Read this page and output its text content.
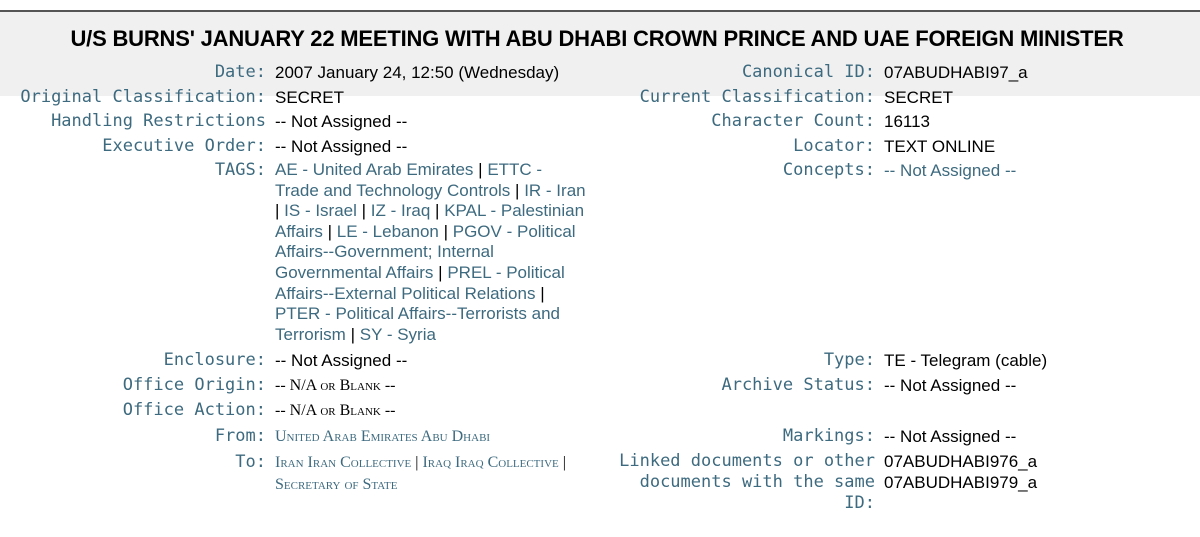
U/S BURNS' JANUARY 22 MEETING WITH ABU DHABI CROWN PRINCE AND UAE FOREIGN MINISTER
Date: 2007 January 24, 12:50 (Wednesday)
Original Classification: SECRET
Handling Restrictions -- Not Assigned --
Executive Order: -- Not Assigned --
TAGS: AE - United Arab Emirates | ETTC - Trade and Technology Controls | IR - Iran | IS - Israel | IZ - Iraq | KPAL - Palestinian Affairs | LE - Lebanon | PGOV - Political Affairs--Government; Internal Governmental Affairs | PREL - Political Affairs--External Political Relations | PTER - Political Affairs--Terrorists and Terrorism | SY - Syria
Enclosure: -- Not Assigned --
Office Origin: -- N/A or Blank --
Office Action: -- N/A or Blank --
From: United Arab Emirates Abu Dhabi
To: Iran Iran Collective | Iraq Iraq Collective | Secretary of State
Canonical ID: 07ABUDHABI97_a
Current Classification: SECRET
Character Count: 16113
Locator: TEXT ONLINE
Concepts: -- Not Assigned --
Type: TE - Telegram (cable)
Archive Status: -- Not Assigned --
Markings: -- Not Assigned --
Linked documents or other
documents with the same
ID:
07ABUDHABI976_a
07ABUDHABI979_a
